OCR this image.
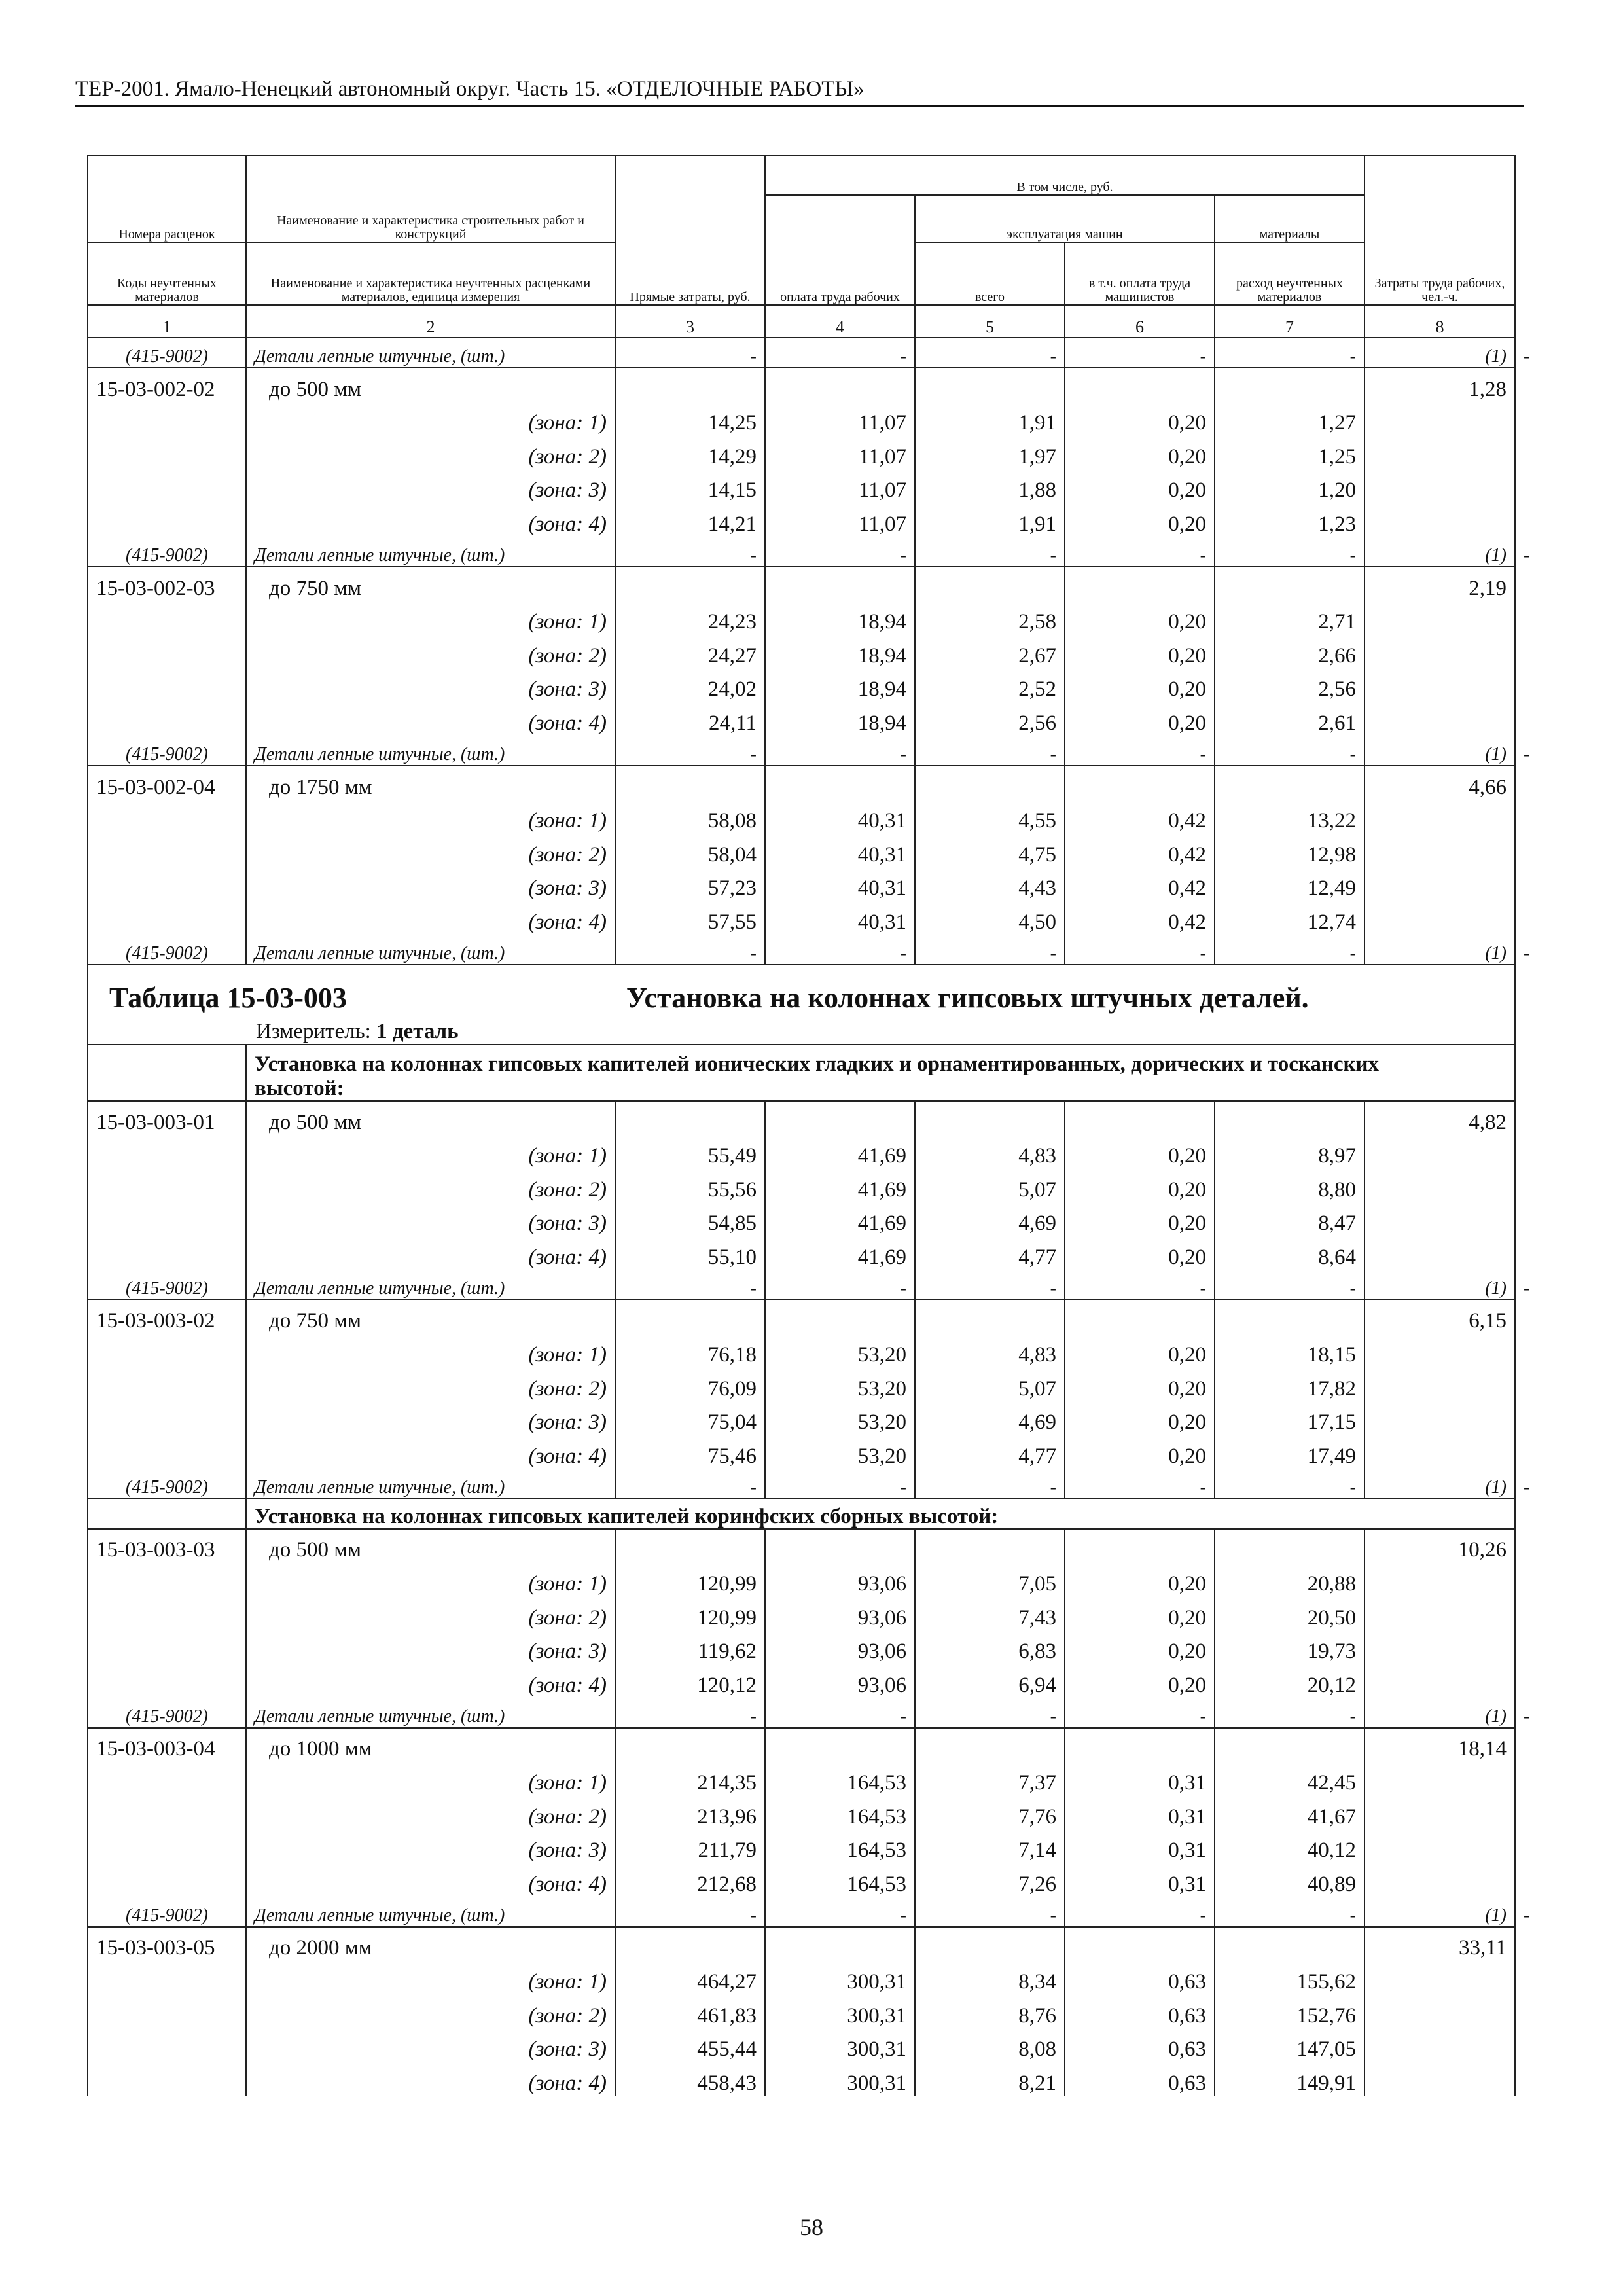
ТЕР-2001. Ямало-Ненецкий автономный округ. Часть 15. «ОТДЕЛОЧНЫЕ РАБОТЫ»
Номера расценок	Наименование и характеристика строительных работ и конструкций	Прямые затраты, руб.	В том числе, руб.				Затраты труда рабочих, чел.-ч.	
			оплата труда рабочих	эксплуатация машин		материалы		
Коды неучтенных материалов	Наименование и характеристика неучтенных расценками материалов, единица измерения			всего	в т.ч. оплата труда машинистов	расход неучтенных материалов		
1	2	3	4	5	6	7	8	
(415-9002)	Детали лепные штучные, (шт.)	-	-	-	-	-	(1)	-
15-03-002-02	до 500 мм						1,28	
	(зона: 1)	14,25	11,07	1,91	0,20	1,27		
	(зона: 2)	14,29	11,07	1,97	0,20	1,25		
	(зона: 3)	14,15	11,07	1,88	0,20	1,20		
	(зона: 4)	14,21	11,07	1,91	0,20	1,23		
(415-9002)	Детали лепные штучные, (шт.)	-	-	-	-	-	(1)	-
15-03-002-03	до 750 мм						2,19	
	(зона: 1)	24,23	18,94	2,58	0,20	2,71		
	(зона: 2)	24,27	18,94	2,67	0,20	2,66		
	(зона: 3)	24,02	18,94	2,52	0,20	2,56		
	(зона: 4)	24,11	18,94	2,56	0,20	2,61		
(415-9002)	Детали лепные штучные, (шт.)	-	-	-	-	-	(1)	-
15-03-002-04	до 1750 мм						4,66	
	(зона: 1)	58,08	40,31	4,55	0,42	13,22		
	(зона: 2)	58,04	40,31	4,75	0,42	12,98		
	(зона: 3)	57,23	40,31	4,43	0,42	12,49		
	(зона: 4)	57,55	40,31	4,50	0,42	12,74		
(415-9002)	Детали лепные штучные, (шт.)	-	-	-	-	-	(1)	-
Таблица 15-03-003 Установка на колоннах гипсовых штучных деталей.								
Измеритель: 1 деталь								
	Установка на колоннах гипсовых капителей ионических гладких и орнаментированных, дорических и тосканских высотой:							
15-03-003-01	до 500 мм						4,82	
	(зона: 1)	55,49	41,69	4,83	0,20	8,97		
	(зона: 2)	55,56	41,69	5,07	0,20	8,80		
	(зона: 3)	54,85	41,69	4,69	0,20	8,47		
	(зона: 4)	55,10	41,69	4,77	0,20	8,64		
(415-9002)	Детали лепные штучные, (шт.)	-	-	-	-	-	(1)	-
15-03-003-02	до 750 мм						6,15	
	(зона: 1)	76,18	53,20	4,83	0,20	18,15		
	(зона: 2)	76,09	53,20	5,07	0,20	17,82		
	(зона: 3)	75,04	53,20	4,69	0,20	17,15		
	(зона: 4)	75,46	53,20	4,77	0,20	17,49		
(415-9002)	Детали лепные штучные, (шт.)	-	-	-	-	-	(1)	-
	Установка на колоннах гипсовых капителей коринфских сборных высотой:							
15-03-003-03	до 500 мм						10,26	
	(зона: 1)	120,99	93,06	7,05	0,20	20,88		
	(зона: 2)	120,99	93,06	7,43	0,20	20,50		
	(зона: 3)	119,62	93,06	6,83	0,20	19,73		
	(зона: 4)	120,12	93,06	6,94	0,20	20,12		
(415-9002)	Детали лепные штучные, (шт.)	-	-	-	-	-	(1)	-
15-03-003-04	до 1000 мм						18,14	
	(зона: 1)	214,35	164,53	7,37	0,31	42,45		
	(зона: 2)	213,96	164,53	7,76	0,31	41,67		
	(зона: 3)	211,79	164,53	7,14	0,31	40,12		
	(зона: 4)	212,68	164,53	7,26	0,31	40,89		
(415-9002)	Детали лепные штучные, (шт.)	-	-	-	-	-	(1)	-
15-03-003-05	до 2000 мм						33,11	
	(зона: 1)	464,27	300,31	8,34	0,63	155,62		
	(зона: 2)	461,83	300,31	8,76	0,63	152,76		
	(зона: 3)	455,44	300,31	8,08	0,63	147,05		
	(зона: 4)	458,43	300,31	8,21	0,63	149,91		
58
